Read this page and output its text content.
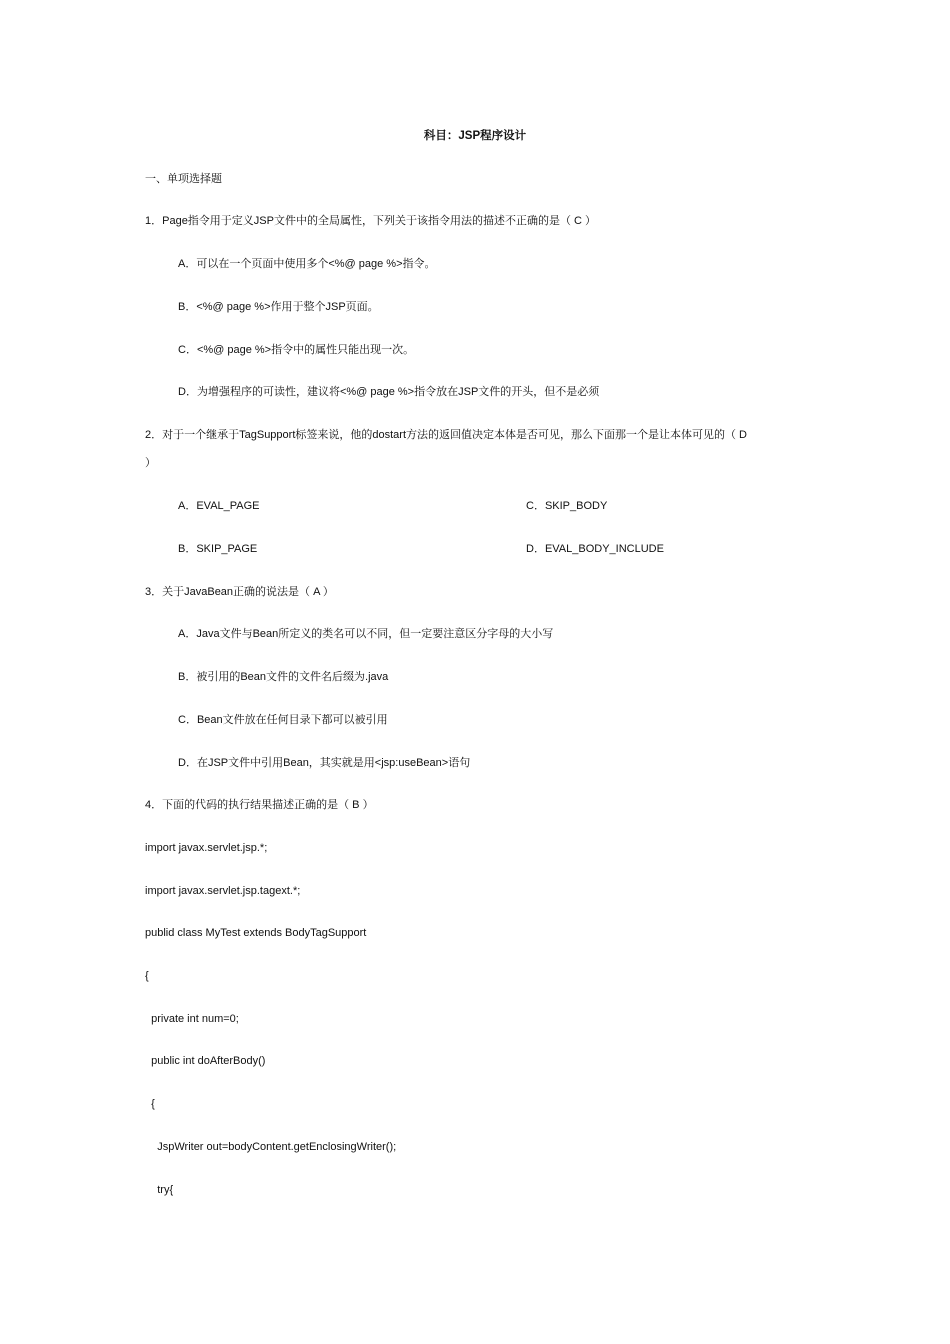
科目：JSP程序设计
一、单项选择题
1．Page指令用于定义JSP文件中的全局属性，下列关于该指令用法的描述不正确的是（ C ）
A．可以在一个页面中使用多个<%@ page %>指令。
B．<%@ page %>作用于整个JSP页面。
C．<%@ page %>指令中的属性只能出现一次。
D．为增强程序的可读性，建议将<%@ page %>指令放在JSP文件的开头，但不是必须
2．对于一个继承于TagSupport标签来说，他的dostart方法的返回值决定本体是否可见，那么下面那一个是让本体可见的（ D
）
A．EVAL_PAGE	C．SKIP_BODY
B．SKIP_PAGE	D．EVAL_BODY_INCLUDE
3．关于JavaBean正确的说法是（ A ）
A．Java文件与Bean所定义的类名可以不同，但一定要注意区分字母的大小写
B．被引用的Bean文件的文件名后缀为.java
C．Bean文件放在任何目录下都可以被引用
D．在JSP文件中引用Bean，其实就是用<jsp:useBean>语句
4．下面的代码的执行结果描述正确的是（ B ）
import javax.servlet.jsp.*;
import javax.servlet.jsp.tagext.*;
publid class MyTest extends BodyTagSupport
{
private int num=0;
public int doAfterBody()
{
JspWriter out=bodyContent.getEnclosingWriter();
try{
